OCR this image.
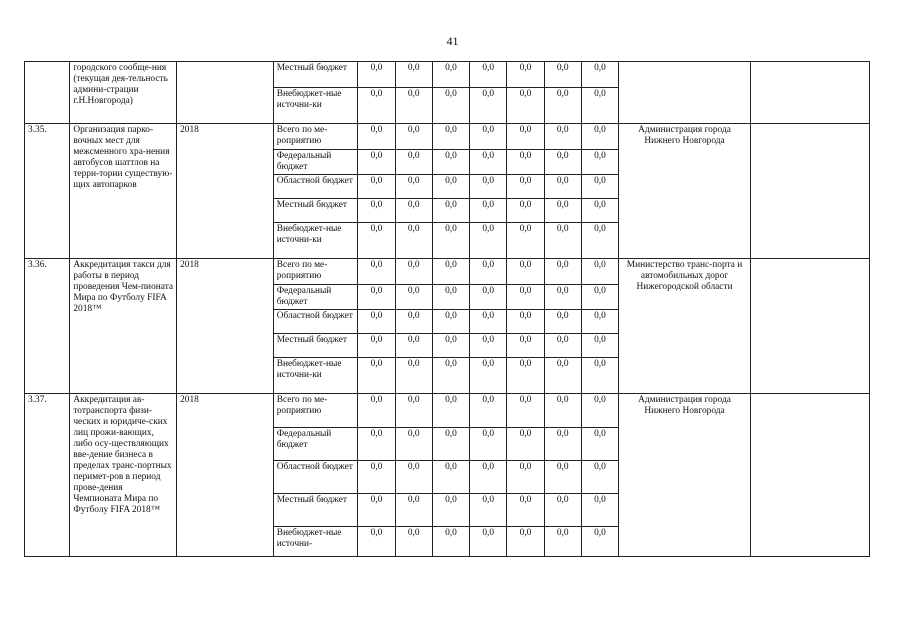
41
	городского сообще-ния (текущая дея-тельность админи-страции г.Н.Новгорода)		Местный бюджет	0,0	0,0	0,0	0,0	0,0	0,0	0,0		
			Внебюджет-ные источни-ки	0,0	0,0	0,0	0,0	0,0	0,0	0,0		
3.35.	Организация парко-вочных мест для межсменного хра-нения автобусов шаттлов на терри-тории существую-щих автопарков	2018	Всего по ме-роприятию	0,0	0,0	0,0	0,0	0,0	0,0	0,0	Администрация города Нижнего Новгорода	
			Федеральный бюджет	0,0	0,0	0,0	0,0	0,0	0,0	0,0		
			Областной бюджет	0,0	0,0	0,0	0,0	0,0	0,0	0,0		
			Местный бюджет	0,0	0,0	0,0	0,0	0,0	0,0	0,0		
			Внебюджет-ные источни-ки	0,0	0,0	0,0	0,0	0,0	0,0	0,0		
3.36.	Аккредитация такси для работы в период проведения Чем-пионата Мира по Футболу FIFA 2018™	2018	Всего по ме-роприятию	0,0	0,0	0,0	0,0	0,0	0,0	0,0	Министерство транс-порта и автомобильных дорог Нижегородской области	
			Федеральный бюджет	0,0	0,0	0,0	0,0	0,0	0,0	0,0		
			Областной бюджет	0,0	0,0	0,0	0,0	0,0	0,0	0,0		
			Местный бюджет	0,0	0,0	0,0	0,0	0,0	0,0	0,0		
			Внебюджет-ные источни-ки	0,0	0,0	0,0	0,0	0,0	0,0	0,0		
3.37.	Аккредитация ав-тотранспорта физи-ческих и юридиче-ских лиц прожи-вающих, либо осу-ществляющих вве-дение бизнеса в пределах транс-портных перимет-ров в период прове-дения Чемпионата Мира по Футболу FIFA 2018™	2018	Всего по ме-роприятию	0,0	0,0	0,0	0,0	0,0	0,0	0,0	Администрация города Нижнего Новгорода	
			Федеральный бюджет	0,0	0,0	0,0	0,0	0,0	0,0	0,0		
			Областной бюджет	0,0	0,0	0,0	0,0	0,0	0,0	0,0		
			Местный бюджет	0,0	0,0	0,0	0,0	0,0	0,0	0,0		
			Внебюджет-ные источни-	0,0	0,0	0,0	0,0	0,0	0,0	0,0		
